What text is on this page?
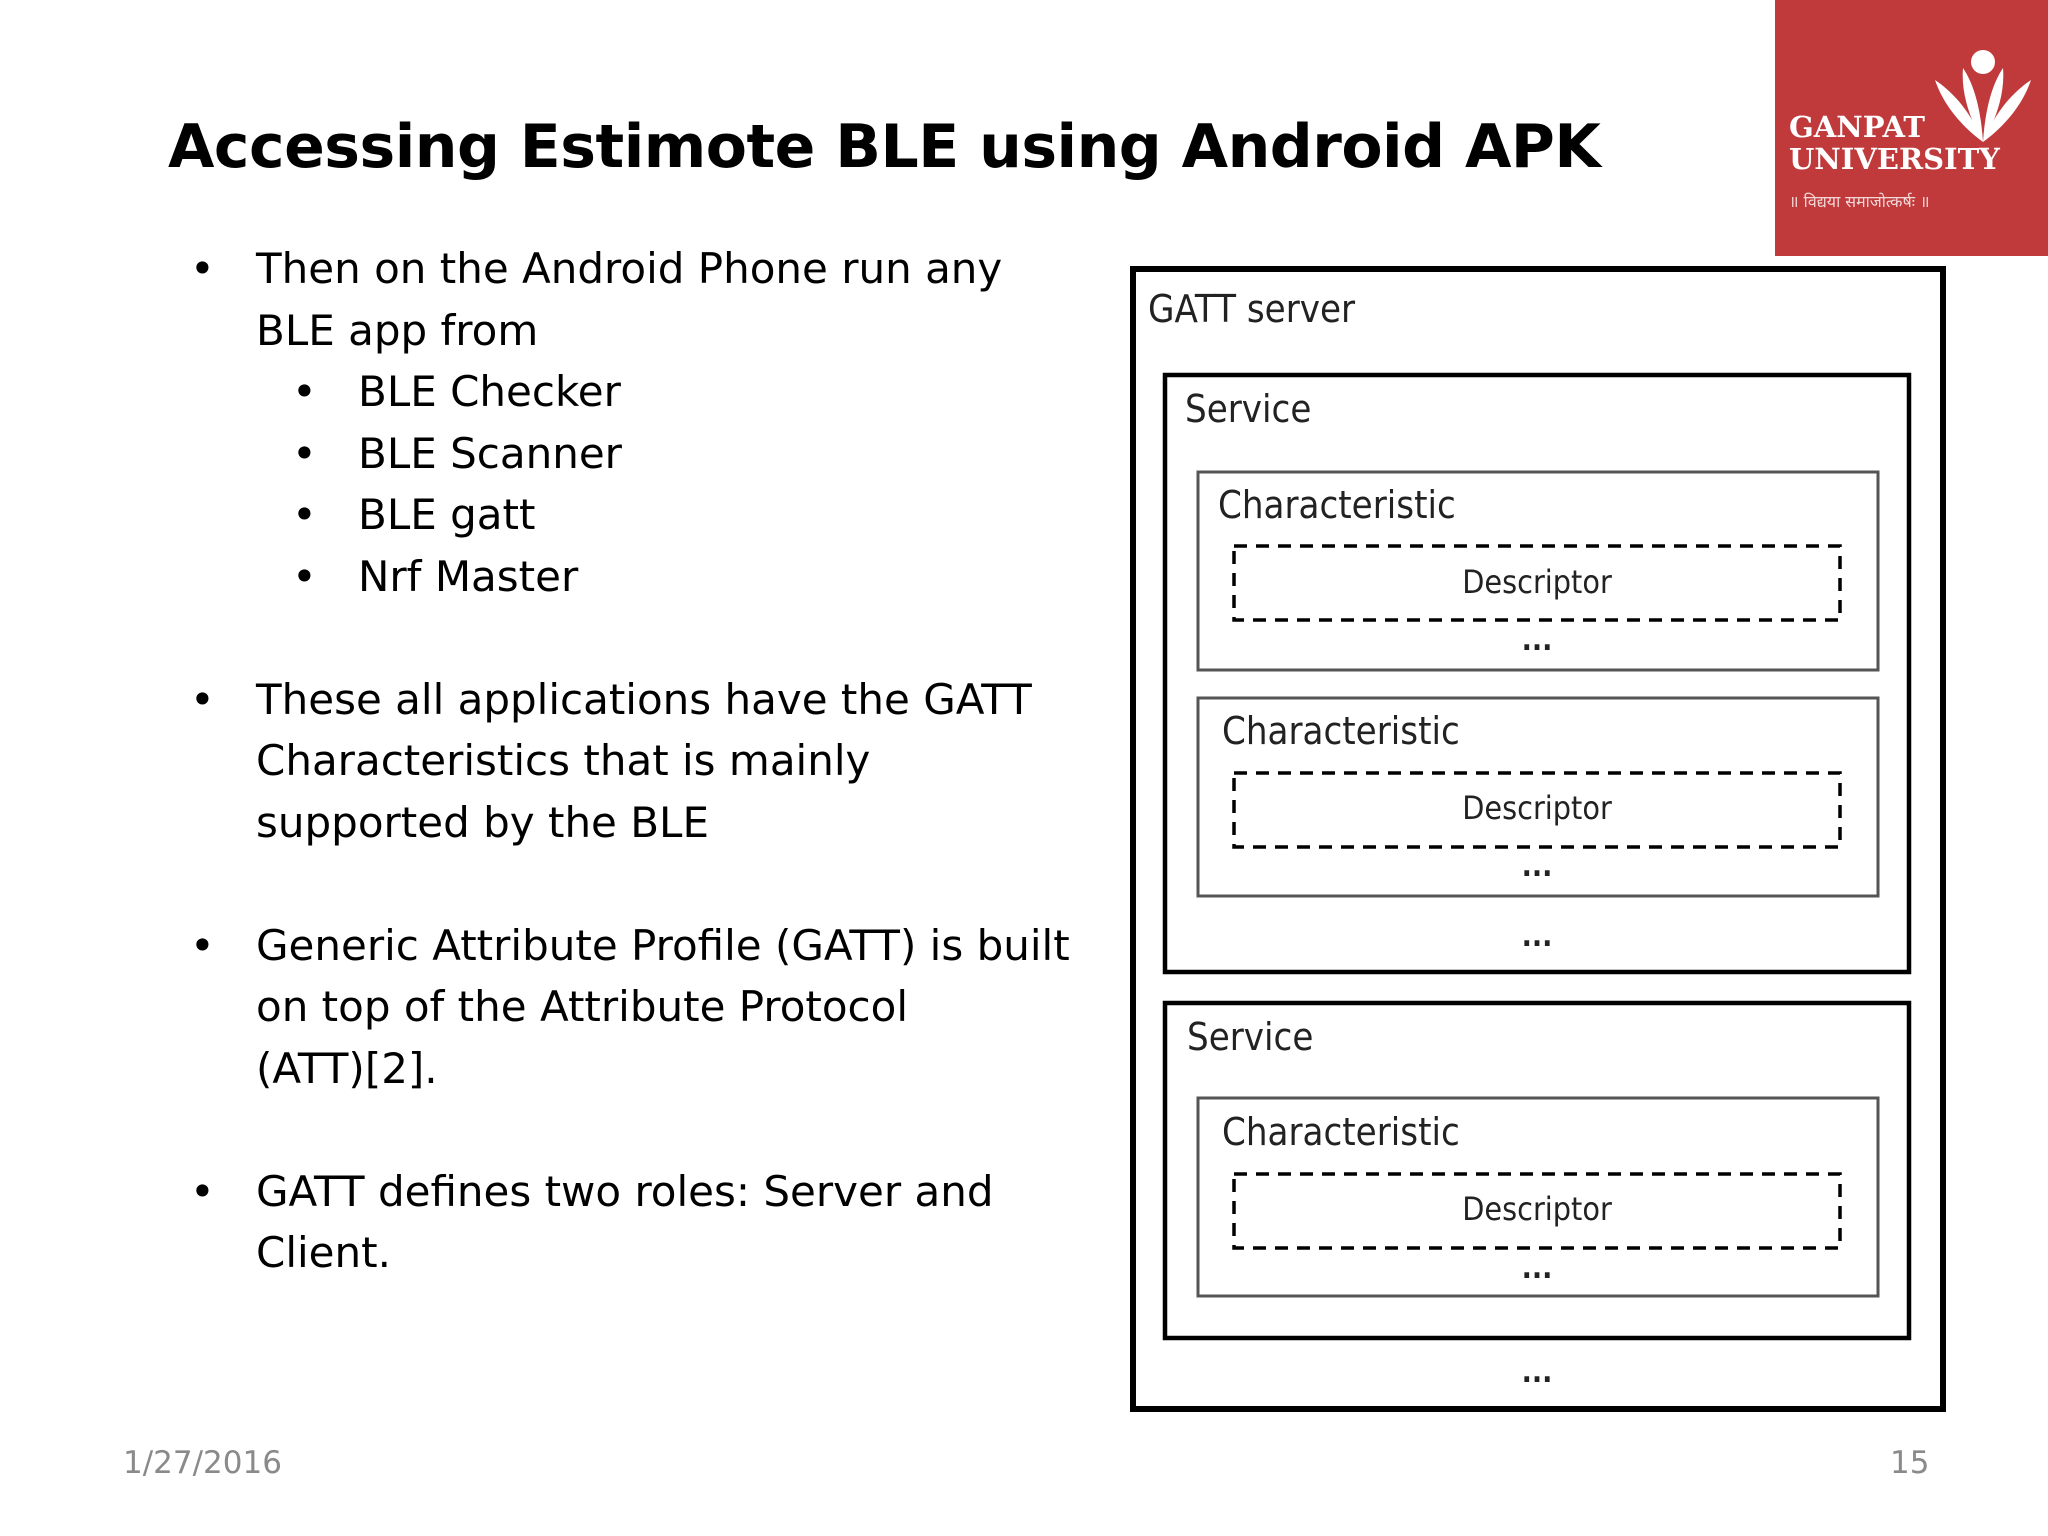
Accessing Estimote BLE using Android APK	GANPAT
UNIVERSITY
॥ विद्यया समाजोत्कर्षः ॥
• Then on the Android Phone run any
BLE app from
• BLE Checker
• BLE Scanner
• BLE gatt
• Nrf Master
• These all applications have the GATT
Characteristics that is mainly
supported by the BLE
• Generic Attribute Profile (GATT) is built
on top of the Attribute Protocol
(ATT)[2].
• GATT defines two roles: Server and
Client.
GATT server
Service
Characteristic
Descriptor
...
Characteristic
Descriptor
...
...
Service
Characteristic
Descriptor
...
...
1/27/2016	15
